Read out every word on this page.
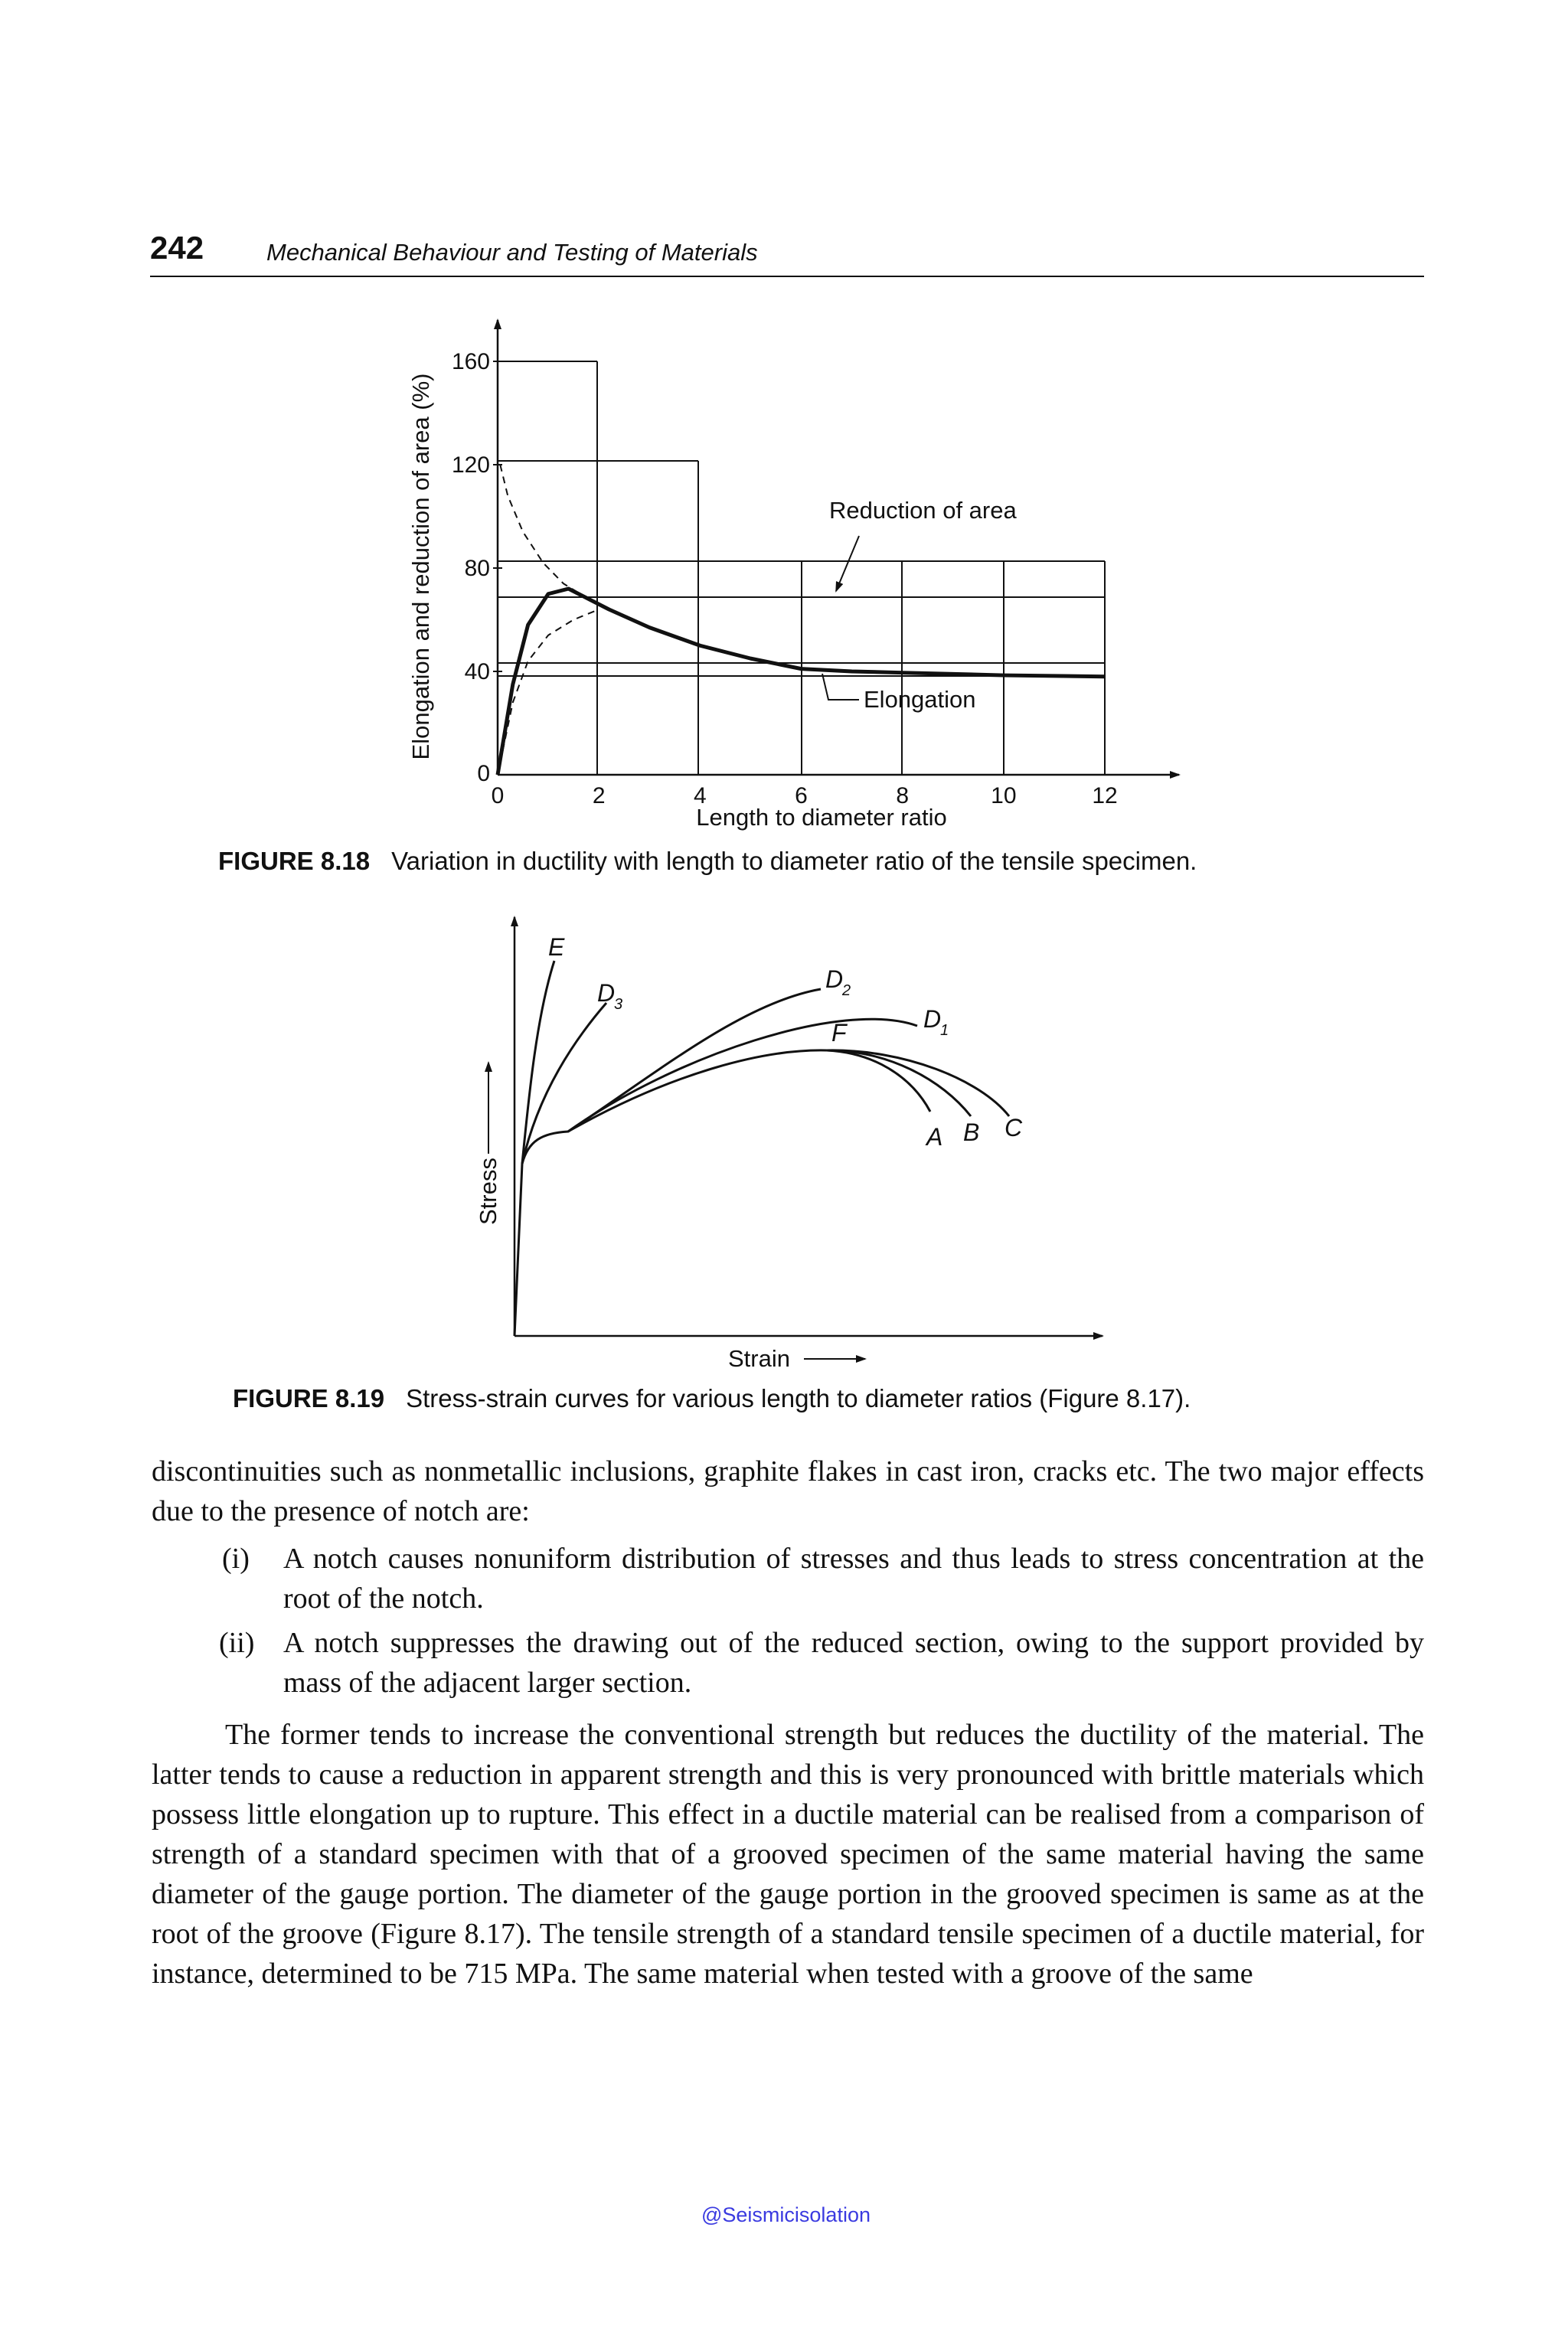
242	Mechanical Behaviour and Testing of Materials
0	2	4	6	8	10	12
0
40
80
120
160
Reduction of area
Elongation
Length to diameter ratio
Elongation and reduction of area (%)
FIGURE 8.18 Variation in ductility with length to diameter ratio of the tensile specimen.
E
D
3
D
2
D
1
F
A B C
Strain
Stress
FIGURE 8.19 Stress-strain curves for various length to diameter ratios (Figure 8.17).

discontinuities such as nonmetallic inclusions, graphite flakes in cast iron, cracks etc. The two major effects due to the presence of notch are:

(i) A notch causes nonuniform distribution of stresses and thus leads to stress concentration at the root of the notch.

(ii) A notch suppresses the drawing out of the reduced section, owing to the support provided by mass of the adjacent larger section.

The former tends to increase the conventional strength but reduces the ductility of the material. The latter tends to cause a reduction in apparent strength and this is very pronounced with brittle materials which possess little elongation up to rupture. This effect in a ductile material can be realised from a comparison of strength of a standard specimen with that of a grooved specimen of the same material having the same diameter of the gauge portion. The diameter of the gauge portion in the grooved specimen is same as at the root of the groove (Figure 8.17). The tensile strength of a standard tensile specimen of a ductile material, for instance, determined to be 715 MPa. The same material when tested with a groove of the same

@Seismicisolation
